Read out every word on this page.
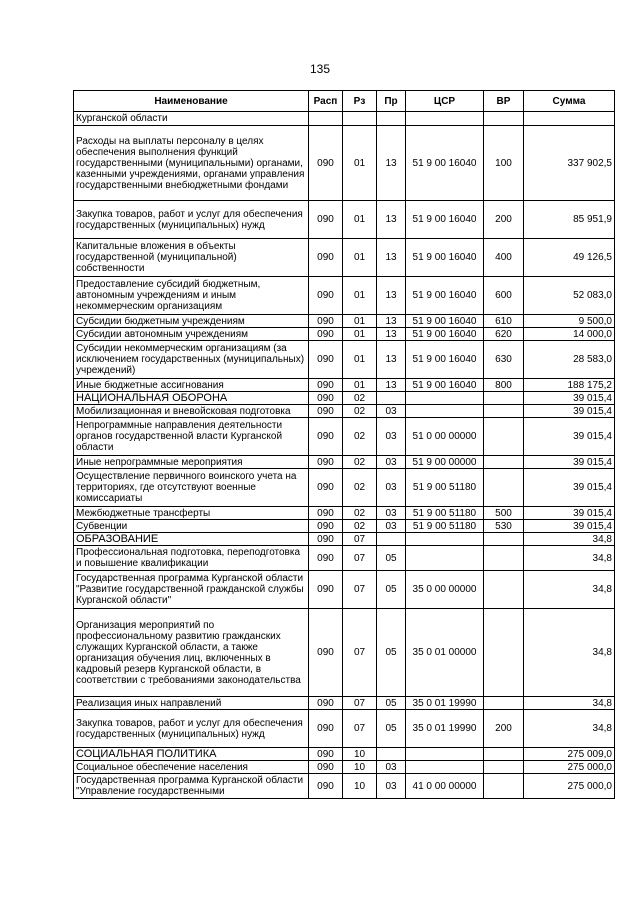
135
Наименование	Расп	Рз	Пр	ЦСР	ВР	Сумма
Курганской области						
Расходы на выплаты персоналу в целях обеспечения выполнения функций государственными (муниципальными) органами, казенными учреждениями, органами управления государственными внебюджетными фондами	090	01	13	51 9 00 16040	100	337 902,5
Закупка товаров, работ и услуг для обеспечения государственных (муниципальных) нужд	090	01	13	51 9 00 16040	200	85 951,9
Капитальные вложения в объекты государственной (муниципальной) собственности	090	01	13	51 9 00 16040	400	49 126,5
Предоставление субсидий бюджетным, автономным учреждениям и иным некоммерческим организациям	090	01	13	51 9 00 16040	600	52 083,0
Субсидии бюджетным учреждениям	090	01	13	51 9 00 16040	610	9 500,0
Субсидии автономным учреждениям	090	01	13	51 9 00 16040	620	14 000,0
Субсидии некоммерческим организациям (за исключением государственных (муниципальных) учреждений)	090	01	13	51 9 00 16040	630	28 583,0
Иные бюджетные ассигнования	090	01	13	51 9 00 16040	800	188 175,2
НАЦИОНАЛЬНАЯ ОБОРОНА	090	02				39 015,4
Мобилизационная и вневойсковая подготовка	090	02	03			39 015,4
Непрограммные направления деятельности органов государственной власти Курганской области	090	02	03	51 0 00 00000		39 015,4
Иные непрограммные мероприятия	090	02	03	51 9 00 00000		39 015,4
Осуществление первичного воинского учета на территориях, где отсутствуют военные комиссариаты	090	02	03	51 9 00 51180		39 015,4
Межбюджетные трансферты	090	02	03	51 9 00 51180	500	39 015,4
Субвенции	090	02	03	51 9 00 51180	530	39 015,4
ОБРАЗОВАНИЕ	090	07				34,8
Профессиональная подготовка, переподготовка и повышение квалификации	090	07	05			34,8
Государственная программа Курганской области "Развитие государственной гражданской службы Курганской области"	090	07	05	35 0 00 00000		34,8
Организация мероприятий по профессиональному развитию гражданских служащих Курганской области, а также организация обучения лиц, включенных в кадровый резерв Курганской области, в соответствии с требованиями законодательства	090	07	05	35 0 01 00000		34,8
Реализация иных направлений	090	07	05	35 0 01 19990		34,8
Закупка товаров, работ и услуг для обеспечения государственных (муниципальных) нужд	090	07	05	35 0 01 19990	200	34,8
СОЦИАЛЬНАЯ ПОЛИТИКА	090	10				275 009,0
Социальное обеспечение населения	090	10	03			275 000,0
Государственная программа Курганской области "Управление государственными	090	10	03	41 0 00 00000		275 000,0
